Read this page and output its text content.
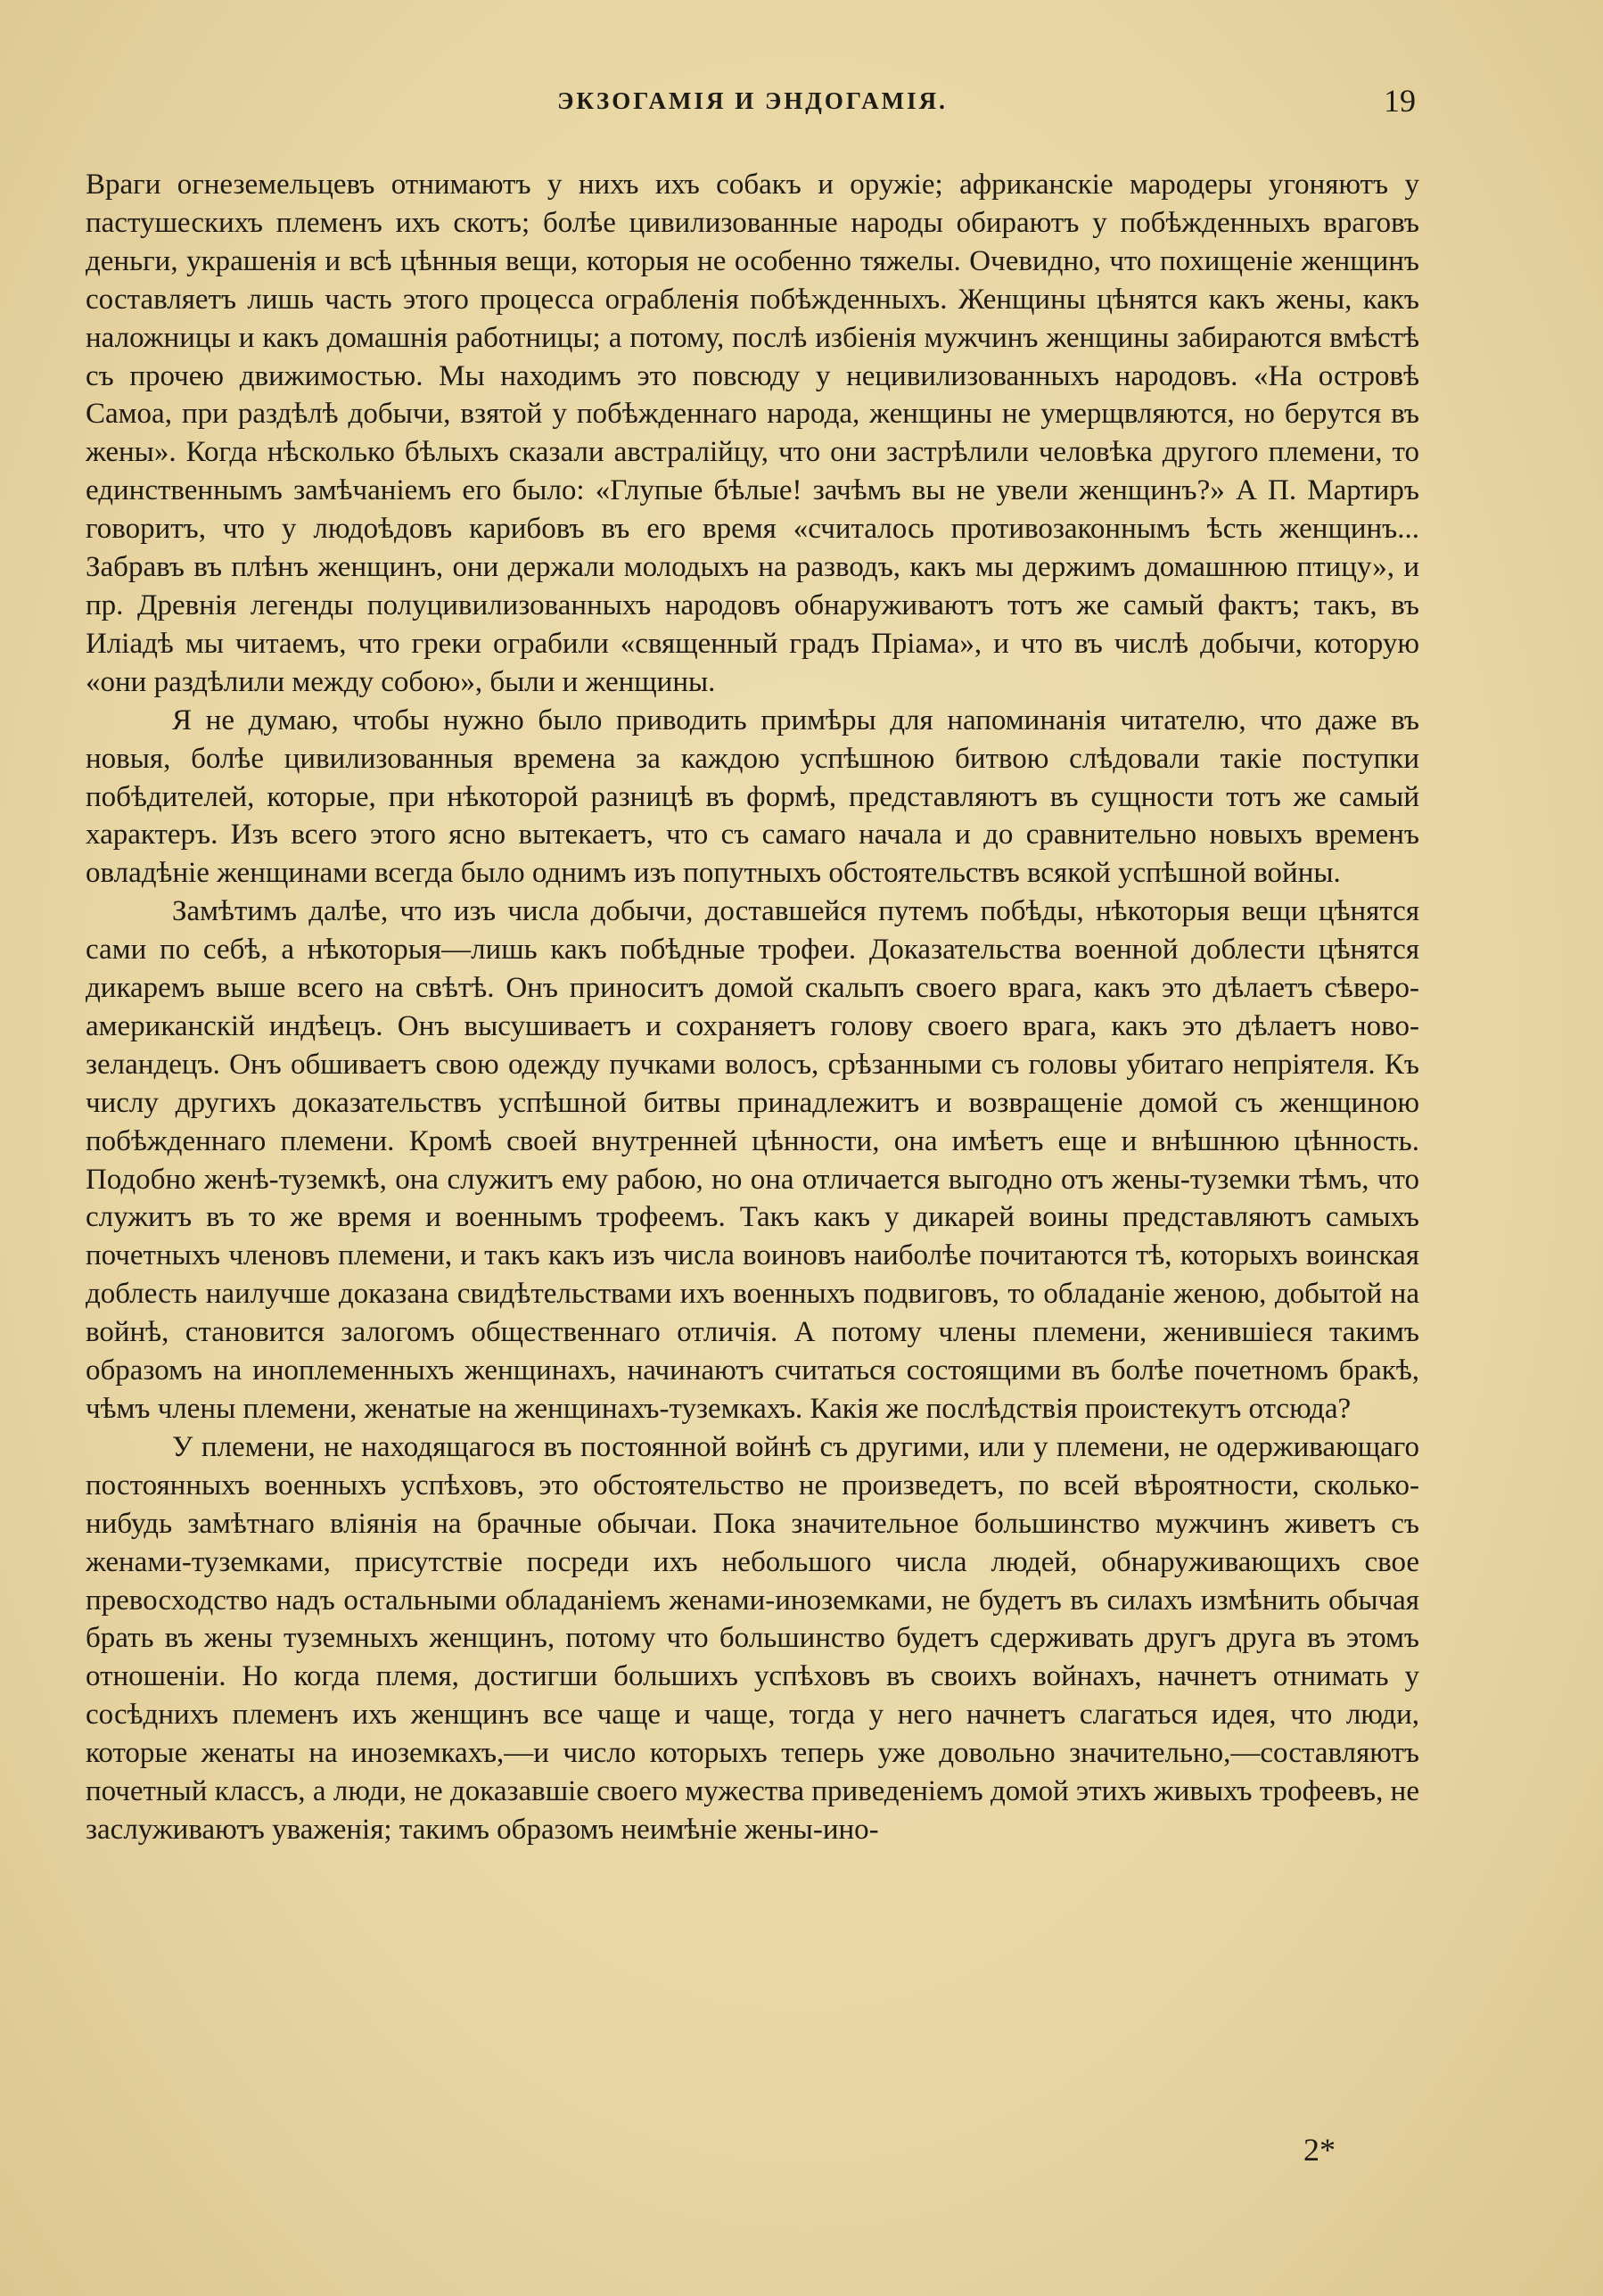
ЭКЗОГАМІЯ И ЭНДОГАМІЯ.	19

Враги огнеземельцевъ отнимаютъ у нихъ ихъ собакъ и оружіе; африканскіе мародеры угоняютъ у пастушескихъ племенъ ихъ скотъ; болѣе цивилизованные народы обираютъ у побѣжденныхъ враговъ деньги, украшенія и всѣ цѣнныя вещи, которыя не особенно тяжелы. Очевидно, что похищеніе женщинъ составляетъ лишь часть этого процесса ограбленія побѣжденныхъ. Женщины цѣнятся какъ жены, какъ наложницы и какъ домашнія работницы; а потому, послѣ избіенія мужчинъ женщины забираются вмѣстѣ съ прочею движимостью. Мы находимъ это повсюду у нецивилизованныхъ народовъ. «На островѣ Самоа, при раздѣлѣ добычи, взятой у побѣжденнаго народа, женщины не умерщвляются, но берутся въ жены». Когда нѣсколько бѣлыхъ сказали австралійцу, что они застрѣлили человѣка другого племени, то единственнымъ замѣчаніемъ его было: «Глупые бѣлые! зачѣмъ вы не увели женщинъ?» А П. Мартиръ говоритъ, что у людоѣдовъ карибовъ въ его время «считалось противозаконнымъ ѣсть женщинъ... Забравъ въ плѣнъ женщинъ, они держали молодыхъ на разводъ, какъ мы держимъ домашнюю птицу», и пр. Древнія легенды полуцивилизованныхъ народовъ обнаруживаютъ тотъ же самый фактъ; такъ, въ Иліадѣ мы читаемъ, что греки ограбили «священный градъ Пріама», и что въ числѣ добычи, которую «они раздѣлили между собою», были и женщины.

Я не думаю, чтобы нужно было приводить примѣры для напоминанія читателю, что даже въ новыя, болѣе цивилизованныя времена за каждою успѣшною битвою слѣдовали такіе поступки побѣдителей, которые, при нѣкоторой разницѣ въ формѣ, представляютъ въ сущности тотъ же самый характеръ. Изъ всего этого ясно вытекаетъ, что съ самаго начала и до сравнительно новыхъ временъ овладѣніе женщинами всегда было однимъ изъ попутныхъ обстоятельствъ всякой успѣшной войны.

Замѣтимъ далѣе, что изъ числа добычи, доставшейся путемъ побѣды, нѣкоторыя вещи цѣнятся сами по себѣ, а нѣкоторыя—лишь какъ побѣдные трофеи. Доказательства военной доблести цѣнятся дикаремъ выше всего на свѣтѣ. Онъ приноситъ домой скальпъ своего врага, какъ это дѣлаетъ сѣверо-американскій индѣецъ. Онъ высушиваетъ и сохраняетъ голову своего врага, какъ это дѣлаетъ ново-зеландецъ. Онъ обшиваетъ свою одежду пучками волосъ, срѣзанными съ головы убитаго непріятеля. Къ числу другихъ доказательствъ успѣшной битвы принадлежитъ и возвращеніе домой съ женщиною побѣжденнаго племени. Кромѣ своей внутренней цѣнности, она имѣетъ еще и внѣшнюю цѣнность. Подобно женѣ-туземкѣ, она служитъ ему рабою, но она отличается выгодно отъ жены-туземки тѣмъ, что служитъ въ то же время и военнымъ трофеемъ. Такъ какъ у дикарей воины представляютъ самыхъ почетныхъ членовъ племени, и такъ какъ изъ числа воиновъ наиболѣе почитаются тѣ, которыхъ воинская доблесть наилучше доказана свидѣтельствами ихъ военныхъ подвиговъ, то обладаніе женою, добытой на войнѣ, становится залогомъ общественнаго отличія. А потому члены племени, женившіеся такимъ образомъ на иноплеменныхъ женщинахъ, начинаютъ считаться состоящими въ болѣе почетномъ бракѣ, чѣмъ члены племени, женатые на женщинахъ-туземкахъ. Какія же послѣдствія проистекутъ отсюда?

У племени, не находящагося въ постоянной войнѣ съ другими, или у племени, не одерживающаго постоянныхъ военныхъ успѣховъ, это обстоятельство не произведетъ, по всей вѣроятности, сколько-нибудь замѣтнаго вліянія на брачные обычаи. Пока значительное большинство мужчинъ живетъ съ женами-туземками, присутствіе посреди ихъ небольшого числа людей, обнаруживающихъ свое превосходство надъ остальными обладаніемъ женами-иноземками, не будетъ въ силахъ измѣнить обычая брать въ жены туземныхъ женщинъ, потому что большинство будетъ сдерживать другъ друга въ этомъ отношеніи. Но когда племя, достигши большихъ успѣховъ въ своихъ войнахъ, начнетъ отнимать у сосѣднихъ племенъ ихъ женщинъ все чаще и чаще, тогда у него начнетъ слагаться идея, что люди, которые женаты на иноземкахъ,—и число которыхъ теперь уже довольно значительно,—составляютъ почетный классъ, а люди, не доказавшіе своего мужества приведеніемъ домой этихъ живыхъ трофеевъ, не заслуживаютъ уваженія; такимъ образомъ неимѣніе жены-ино-

2*
